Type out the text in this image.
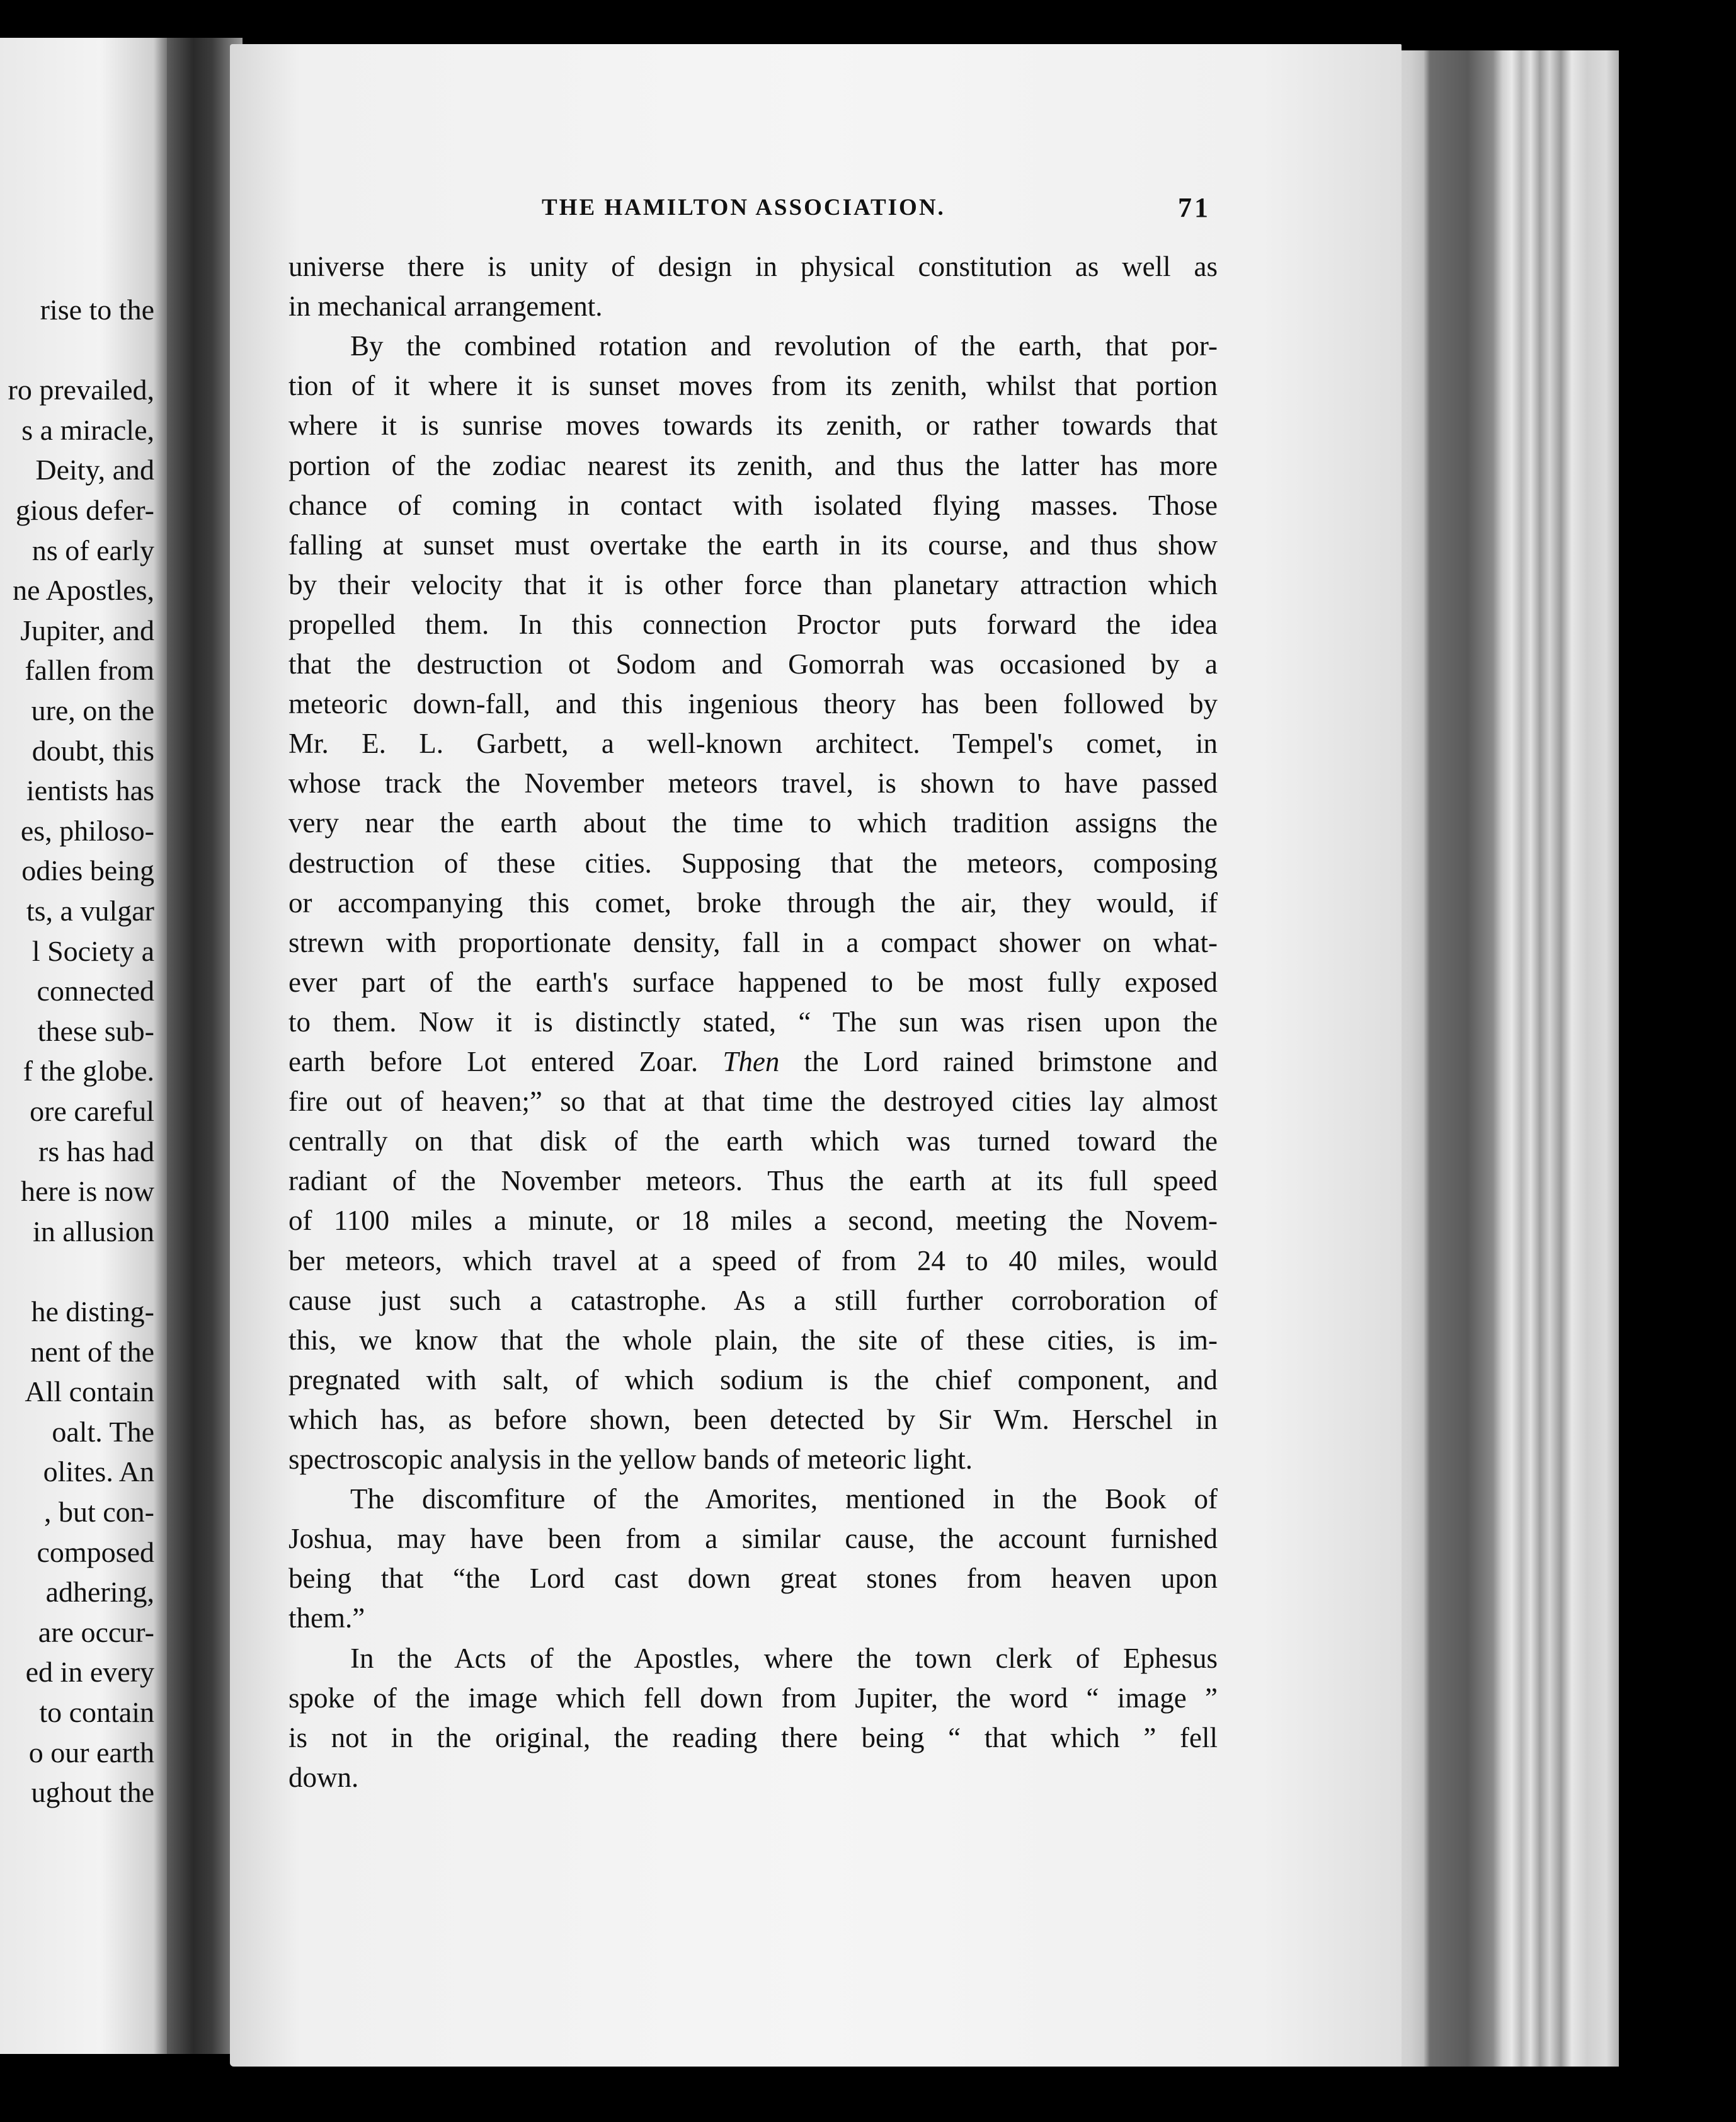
rise to the
ro prevailed,
s a miracle,
Deity, and
gious defer-
ns of early
ne Apostles,
Jupiter, and
fallen from
ure, on the
doubt, this
ientists has
es, philoso-
odies being
ts, a vulgar
l Society a
connected
these sub-
f the globe.
ore careful
rs has had
here is now
in allusion
he disting-
nent of the
All contain
oalt. The
olites. An
, but con-
composed
adhering,
are occur-
ed in every
to contain
o our earth
ughout the
THE HAMILTON ASSOCIATION.	71
universe there is unity of design in physical constitution as well as
in mechanical arrangement.
By the combined rotation and revolution of the earth, that por-
tion of it where it is sunset moves from its zenith, whilst that portion
where it is sunrise moves towards its zenith, or rather towards that
portion of the zodiac nearest its zenith, and thus the latter has more
chance of coming in contact with isolated flying masses. Those
falling at sunset must overtake the earth in its course, and thus show
by their velocity that it is other force than planetary attraction which
propelled them. In this connection Proctor puts forward the idea
that the destruction ot Sodom and Gomorrah was occasioned by a
meteoric down-fall, and this ingenious theory has been followed by
Mr. E. L. Garbett, a well-known architect. Tempel's comet, in
whose track the November meteors travel, is shown to have passed
very near the earth about the time to which tradition assigns the
destruction of these cities. Supposing that the meteors, composing
or accompanying this comet, broke through the air, they would, if
strewn with proportionate density, fall in a compact shower on what-
ever part of the earth's surface happened to be most fully exposed
to them. Now it is distinctly stated, “ The sun was risen upon the
earth before Lot entered Zoar. Then the Lord rained brimstone and
fire out of heaven;” so that at that time the destroyed cities lay almost
centrally on that disk of the earth which was turned toward the
radiant of the November meteors. Thus the earth at its full speed
of 1100 miles a minute, or 18 miles a second, meeting the Novem-
ber meteors, which travel at a speed of from 24 to 40 miles, would
cause just such a catastrophe. As a still further corroboration of
this, we know that the whole plain, the site of these cities, is im-
pregnated with salt, of which sodium is the chief component, and
which has, as before shown, been detected by Sir Wm. Herschel in
spectroscopic analysis in the yellow bands of meteoric light.
The discomfiture of the Amorites, mentioned in the Book of
Joshua, may have been from a similar cause, the account furnished
being that “the Lord cast down great stones from heaven upon
them.”
In the Acts of the Apostles, where the town clerk of Ephesus
spoke of the image which fell down from Jupiter, the word “ image ”
is not in the original, the reading there being “ that which ” fell
down.
